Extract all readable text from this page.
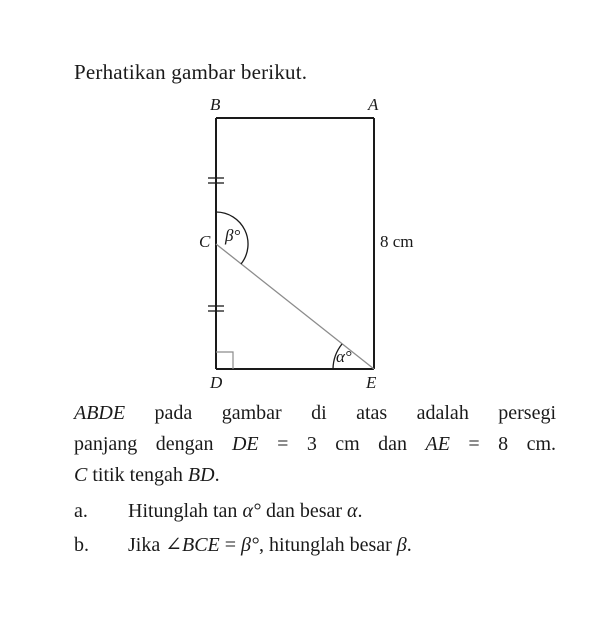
Perhatikan gambar berikut.
B	A
C
D	E
β°
α°
8 cm
ABDE pada gambar di atas adalah persegi
panjang dengan DE = 3 cm dan AE = 8 cm.
C titik tengah BD.
a. Hitunglah tan α° dan besar α.
b. Jika ∠BCE = β°, hitunglah besar β.
